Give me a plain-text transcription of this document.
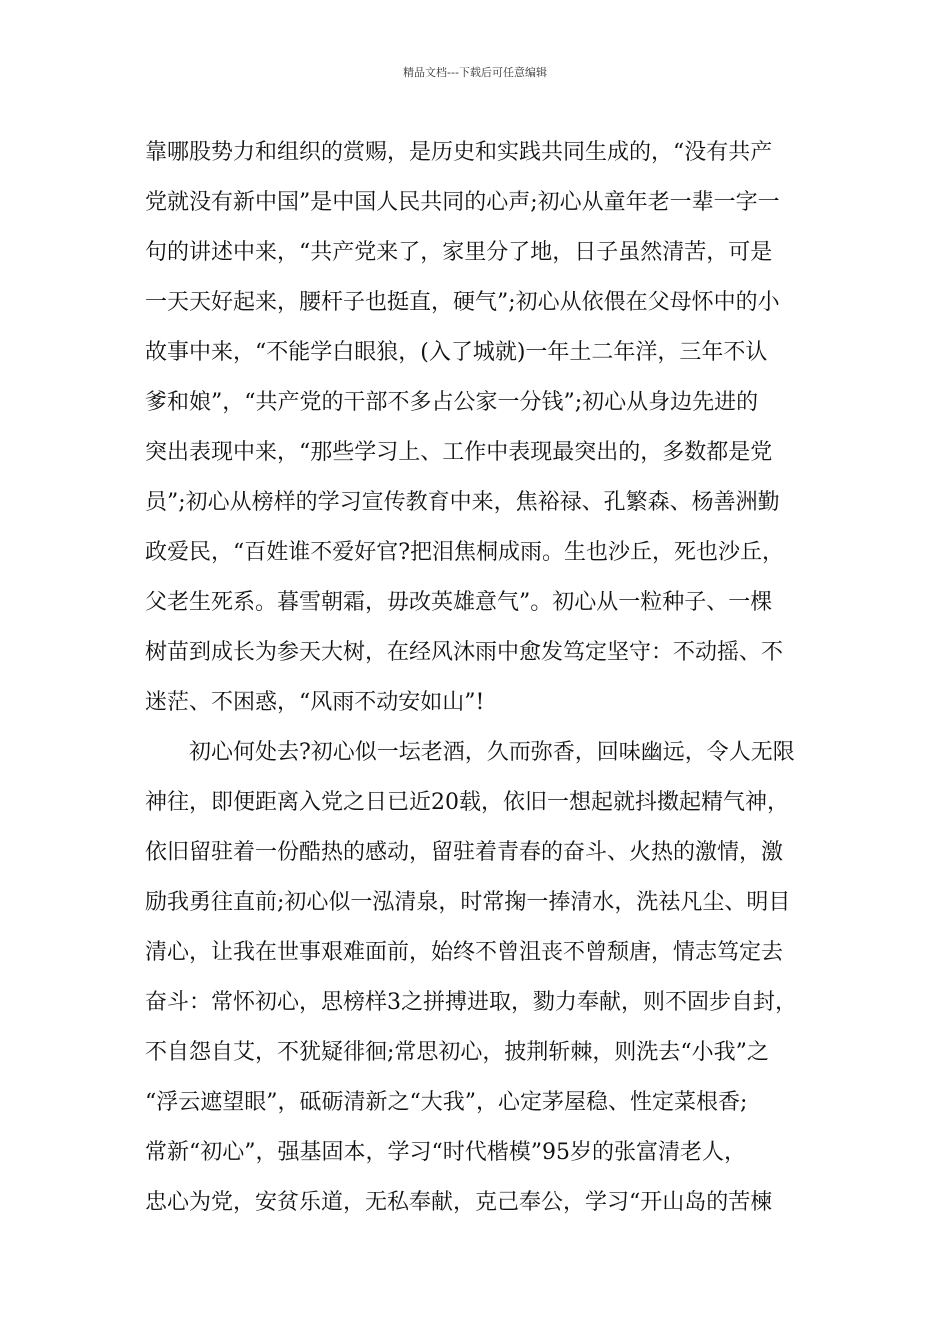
精品文档---下载后可任意编辑
靠哪股势力和组织的赏赐，是历史和实践共同生成的，“没有共产
党就没有新中国”是中国人民共同的心声;初心从童年老一辈一字一
句的讲述中来，“共产党来了，家里分了地，日子虽然清苦，可是
一天天好起来，腰杆子也挺直，硬气”;初心从依偎在父母怀中的小
故事中来，“不能学白眼狼，(入了城就)一年土二年洋，三年不认
爹和娘”，“共产党的干部不多占公家一分钱”;初心从身边先进的
突出表现中来，“那些学习上、工作中表现最突出的，多数都是党
员”;初心从榜样的学习宣传教育中来，焦裕禄、孔繁森、杨善洲勤
政爱民，“百姓谁不爱好官?把泪焦桐成雨。生也沙丘，死也沙丘，
父老生死系。暮雪朝霜，毋改英雄意气”。初心从一粒种子、一棵
树苗到成长为参天大树，在经风沐雨中愈发笃定坚守：不动摇、不
迷茫、不困惑，“风雨不动安如山”!
初心何处去?初心似一坛老酒，久而弥香，回味幽远，令人无限
神往，即便距离入党之日已近20载，依旧一想起就抖擞起精气神，
依旧留驻着一份酷热的感动，留驻着青春的奋斗、火热的激情，激
励我勇往直前;初心似一泓清泉，时常掬一捧清水，洗祛凡尘、明目
清心，让我在世事艰难面前，始终不曾沮丧不曾颓唐，情志笃定去
奋斗：常怀初心，思榜样3之拼搏进取，勠力奉献，则不固步自封，
不自怨自艾，不犹疑徘徊;常思初心，披荆斩棘，则洗去“小我”之
“浮云遮望眼”，砥砺清新之“大我”，心定茅屋稳、性定菜根香;
常新“初心”，强基固本，学习“时代楷模”95岁的张富清老人，
忠心为党，安贫乐道，无私奉献，克己奉公，学习“开山岛的苦楝
